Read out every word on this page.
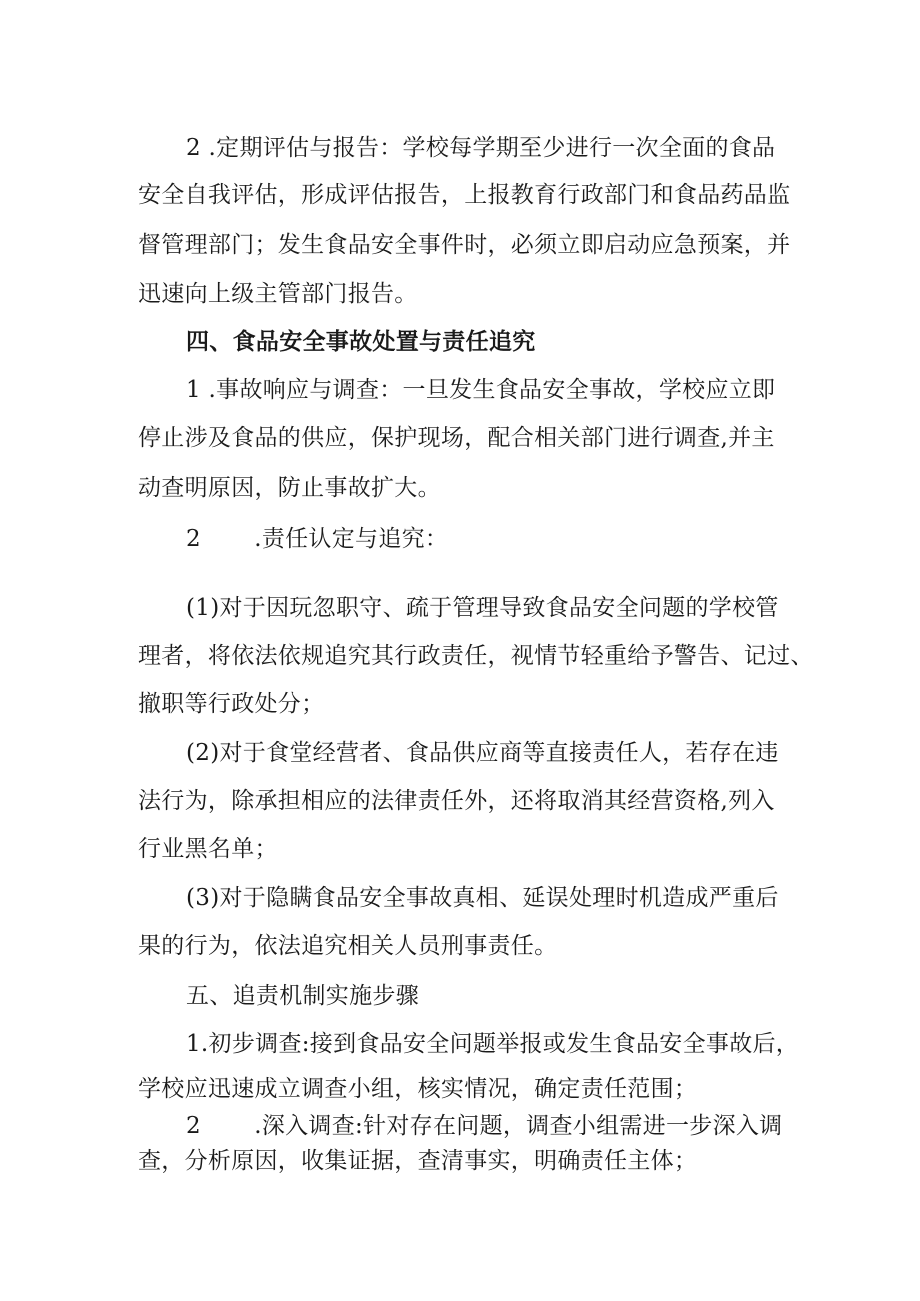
2 .定期评估与报告：学校每学期至少进行一次全面的食品
安全自我评估，形成评估报告，上报教育行政部门和食品药品监
督管理部门；发生食品安全事件时，必须立即启动应急预案，并
迅速向上级主管部门报告。
四、食品安全事故处置与责任追究
1 .事故响应与调查：一旦发生食品安全事故，学校应立即
停止涉及食品的供应，保护现场，配合相关部门进行调查,并主
动查明原因，防止事故扩大。
2       .责任认定与追究：
(1)对于因玩忽职守、疏于管理导致食品安全问题的学校管
理者，将依法依规追究其行政责任，视情节轻重给予警告、记过、
撤职等行政处分；
(2)对于食堂经营者、食品供应商等直接责任人，若存在违
法行为，除承担相应的法律责任外，还将取消其经营资格,列入
行业黑名单；
(3)对于隐瞒食品安全事故真相、延误处理时机造成严重后
果的行为，依法追究相关人员刑事责任。
五、追责机制实施步骤
1.初步调查:接到食品安全问题举报或发生食品安全事故后，
学校应迅速成立调查小组，核实情况，确定责任范围；
2       .深入调查:针对存在问题，调查小组需进一步深入调
查，分析原因，收集证据，查清事实，明确责任主体；
